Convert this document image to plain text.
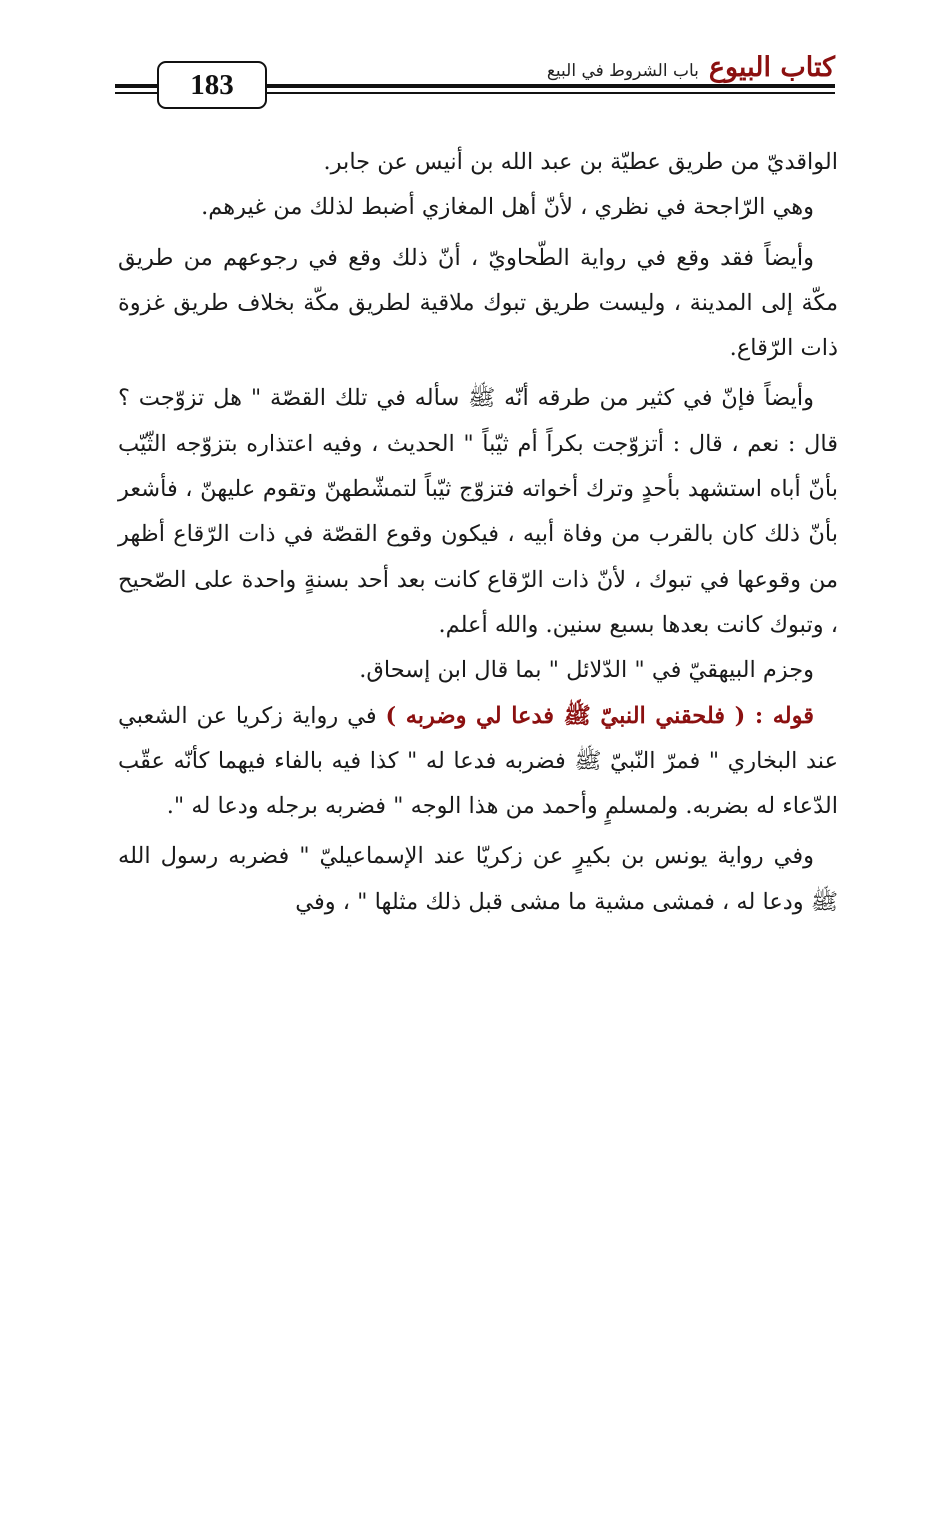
183
كتاب البيوع
باب الشروط في البيع

الواقديّ من طريق عطيّة بن عبد الله بن أنيس عن جابر.

وهي الرّاجحة في نظري ، لأنّ أهل المغازي أضبط لذلك من غيرهم.

وأيضاً فقد وقع في رواية الطّحاويّ ، أنّ ذلك وقع في رجوعهم من طريق مكّة إلى المدينة ، وليست طريق تبوك ملاقية لطريق مكّة بخلاف طريق غزوة ذات الرّقاع.

وأيضاً فإنّ في كثير من طرقه أنّه ﷺ سأله في تلك القصّة " هل تزوّجت ؟ قال : نعم ، قال : أتزوّجت بكراً أم ثيّباً " الحديث ، وفيه اعتذاره بتزوّجه الثّيّب بأنّ أباه استشهد بأحدٍ وترك أخواته فتزوّج ثيّباً لتمشّطهنّ وتقوم عليهنّ ، فأشعر بأنّ ذلك كان بالقرب من وفاة أبيه ، فيكون وقوع القصّة في ذات الرّقاع أظهر من وقوعها في تبوك ، لأنّ ذات الرّقاع كانت بعد أحد بسنةٍ واحدة على الصّحيح ، وتبوك كانت بعدها بسبع سنين. والله أعلم.

وجزم البيهقيّ في " الدّلائل " بما قال ابن إسحاق.

قوله : ( فلحقني النبيّ ﷺ فدعا لي وضربه ) في رواية زكريا عن الشعبي عند البخاري " فمرّ النّبيّ ﷺ فضربه فدعا له " كذا فيه بالفاء فيهما كأنّه عقّب الدّعاء له بضربه. ولمسلمٍ وأحمد من هذا الوجه " فضربه برجله ودعا له ".

وفي رواية يونس بن بكيرٍ عن زكريّا عند الإسماعيليّ " فضربه رسول الله ﷺ ودعا له ، فمشى مشية ما مشى قبل ذلك مثلها " ، وفي
